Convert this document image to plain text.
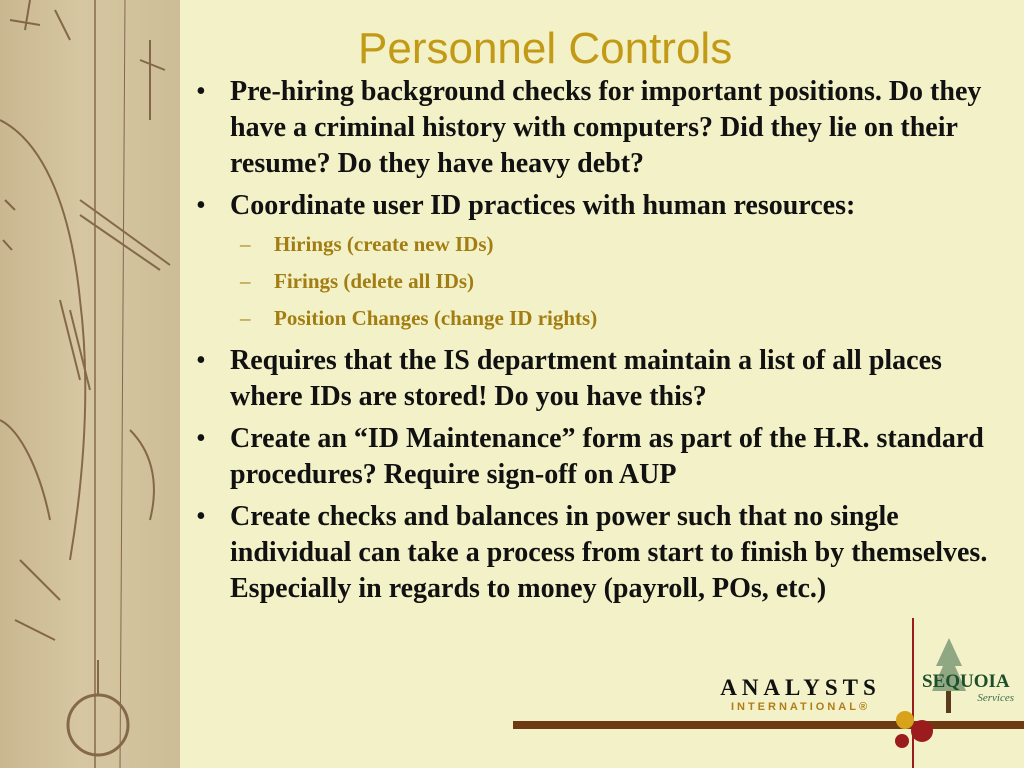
Personnel Controls
• Pre-hiring background checks for important positions. Do they have a criminal history with computers? Did they lie on their resume? Do they have heavy debt?
• Coordinate user ID practices with human resources:
– Hirings (create new IDs)
– Firings (delete all IDs)
– Position Changes (change ID rights)
• Requires that the IS department maintain a list of all places where IDs are stored! Do you have this?
• Create an “ID Maintenance” form as part of the H.R. standard procedures? Require sign-off on AUP
• Create checks and balances in power such that no single individual can take a process from start to finish by themselves. Especially in regards to money (payroll, POs, etc.)
ANALYSTS
INTERNATIONAL®
SEQUOIA
Services
